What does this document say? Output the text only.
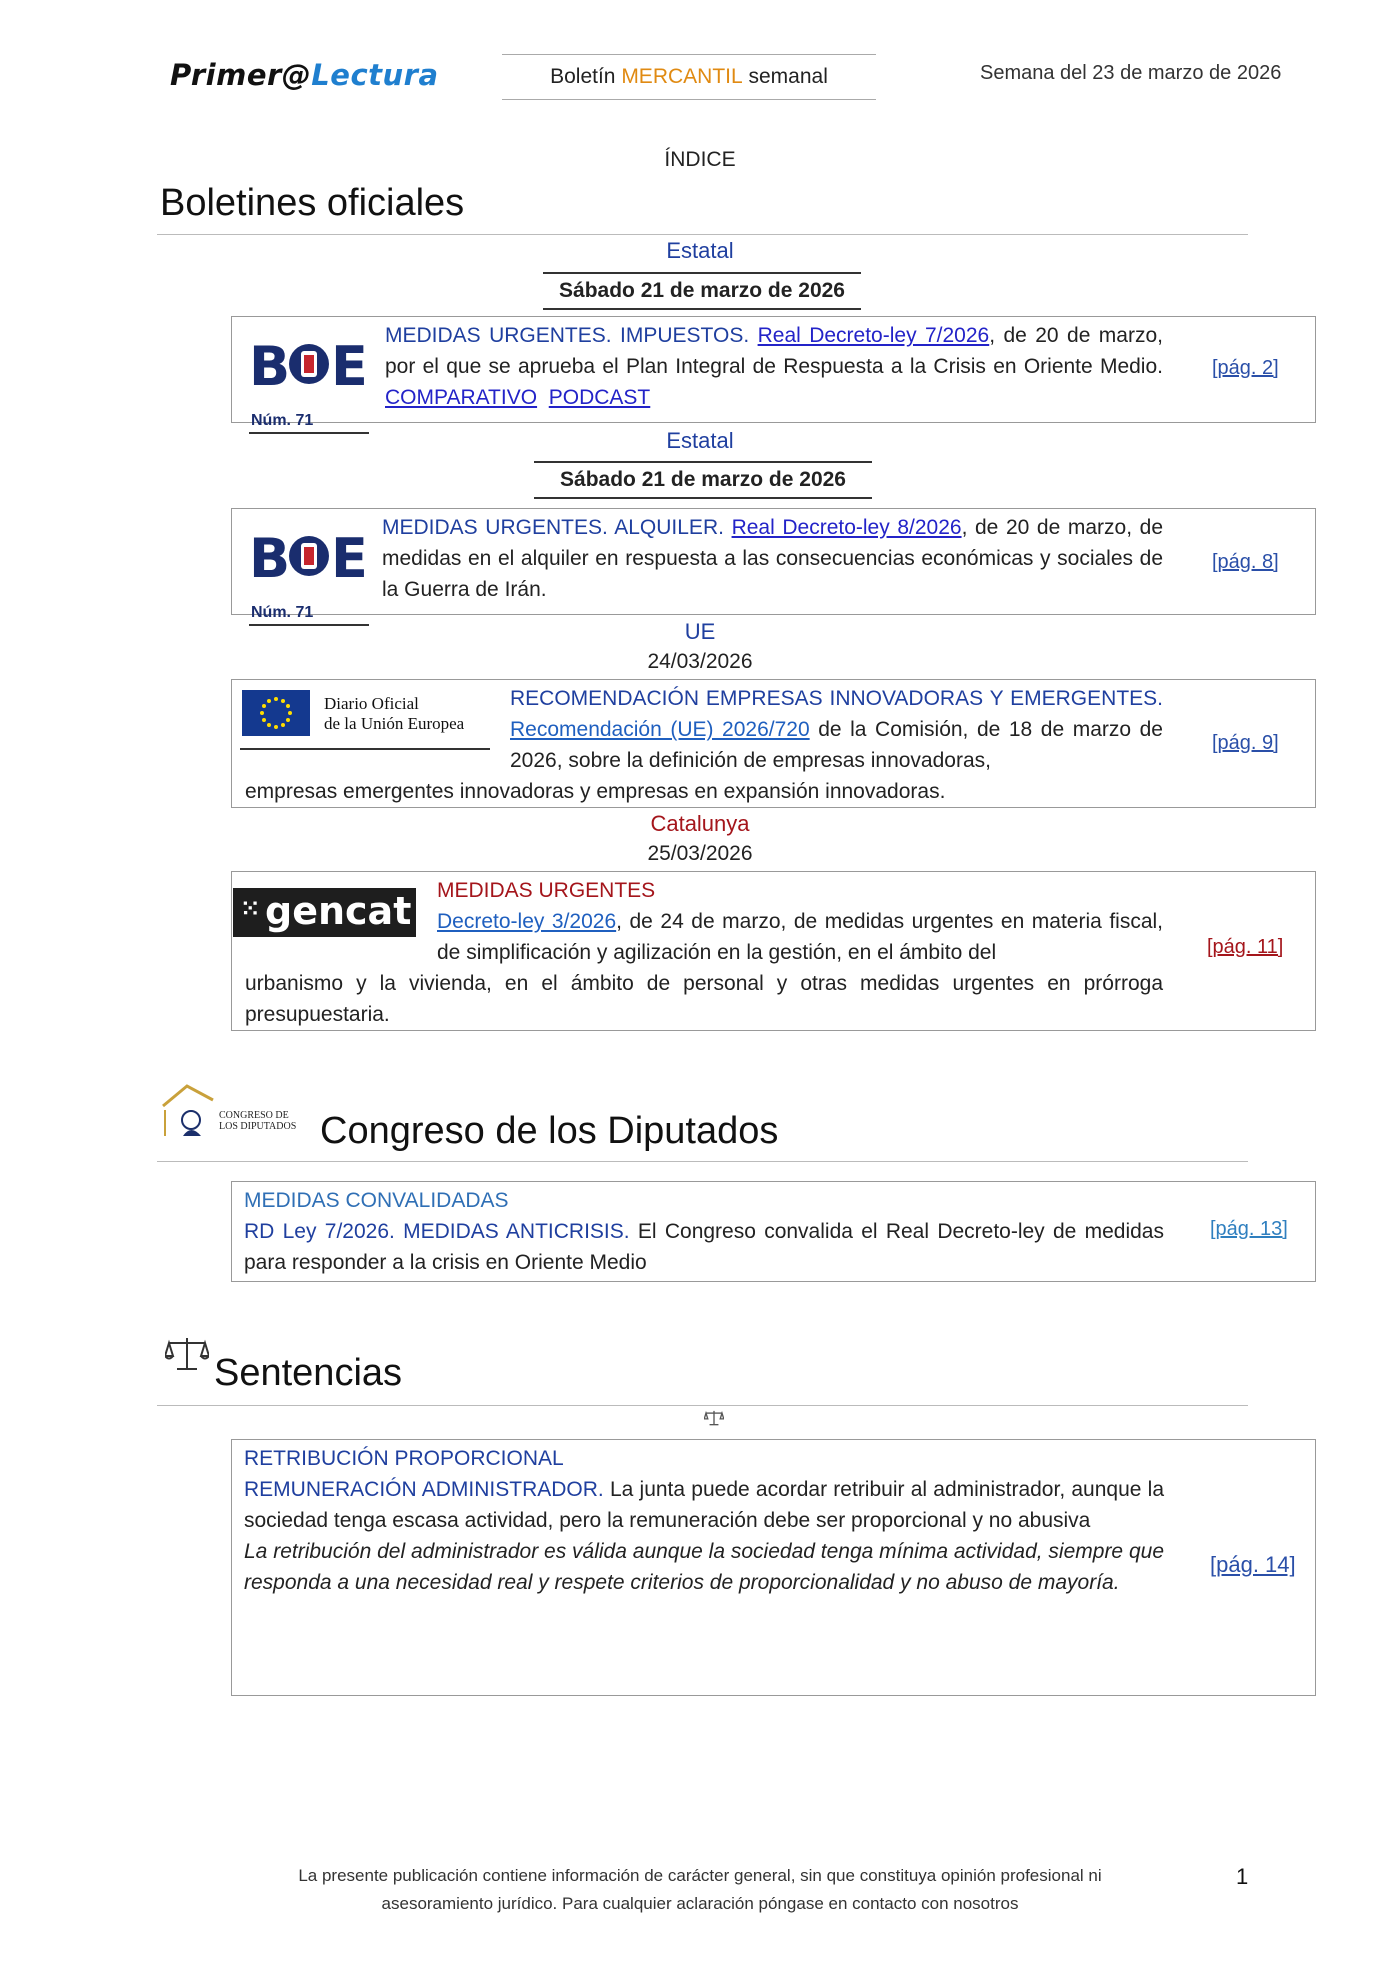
Primer@Lectura	Boletín MERCANTIL semanal	Semana del 23 de marzo de 2026
ÍNDICE
Boletines oficiales
Estatal
Sábado 21 de marzo de 2026
B E
Núm. 71
MEDIDAS URGENTES. IMPUESTOS. Real Decreto-ley 7/2026, de 20 de marzo, por el que se aprueba el Plan Integral de Respuesta a la Crisis en Oriente Medio. COMPARATIVO PODCAST
[pág. 2]
Estatal
Sábado 21 de marzo de 2026
B E
Núm. 71
MEDIDAS URGENTES. ALQUILER. Real Decreto-ley 8/2026, de 20 de marzo, de medidas en el alquiler en respuesta a las consecuencias económicas y sociales de la Guerra de Irán.
[pág. 8]
UE
24/03/2026
Diario Oficial
de la Unión Europea
RECOMENDACIÓN EMPRESAS INNOVADORAS Y EMERGENTES. Recomendación (UE) 2026/720 de la Comisión, de 18 de marzo de 2026, sobre la definición de empresas innovadoras,
empresas emergentes innovadoras y empresas en expansión innovadoras.
[pág. 9]
Catalunya
25/03/2026
⁙ gencat MEDIDAS URGENTES
Decreto-ley 3/2026, de 24 de marzo, de medidas urgentes en materia fiscal, de simplificación y agilización en la gestión, en el ámbito del
urbanismo y la vivienda, en el ámbito de personal y otras medidas urgentes en prórroga presupuestaria.
[pág. 11]
CONGRESO DE
LOS DIPUTADOS Congreso de los Diputados
MEDIDAS CONVALIDADAS
RD Ley 7/2026. MEDIDAS ANTICRISIS. El Congreso convalida el Real Decreto-ley de medidas para responder a la crisis en Oriente Medio
[pág. 13]
Sentencias
RETRIBUCIÓN PROPORCIONAL
REMUNERACIÓN ADMINISTRADOR. La junta puede acordar retribuir al administrador, aunque la sociedad tenga escasa actividad, pero la remuneración debe ser proporcional y no abusiva
La retribución del administrador es válida aunque la sociedad tenga mínima actividad, siempre que responda a una necesidad real y respete criterios de proporcionalidad y no abuso de mayoría.
[pág. 14]
La presente publicación contiene información de carácter general, sin que constituya opinión profesional ni
asesoramiento jurídico. Para cualquier aclaración póngase en contacto con nosotros
1
